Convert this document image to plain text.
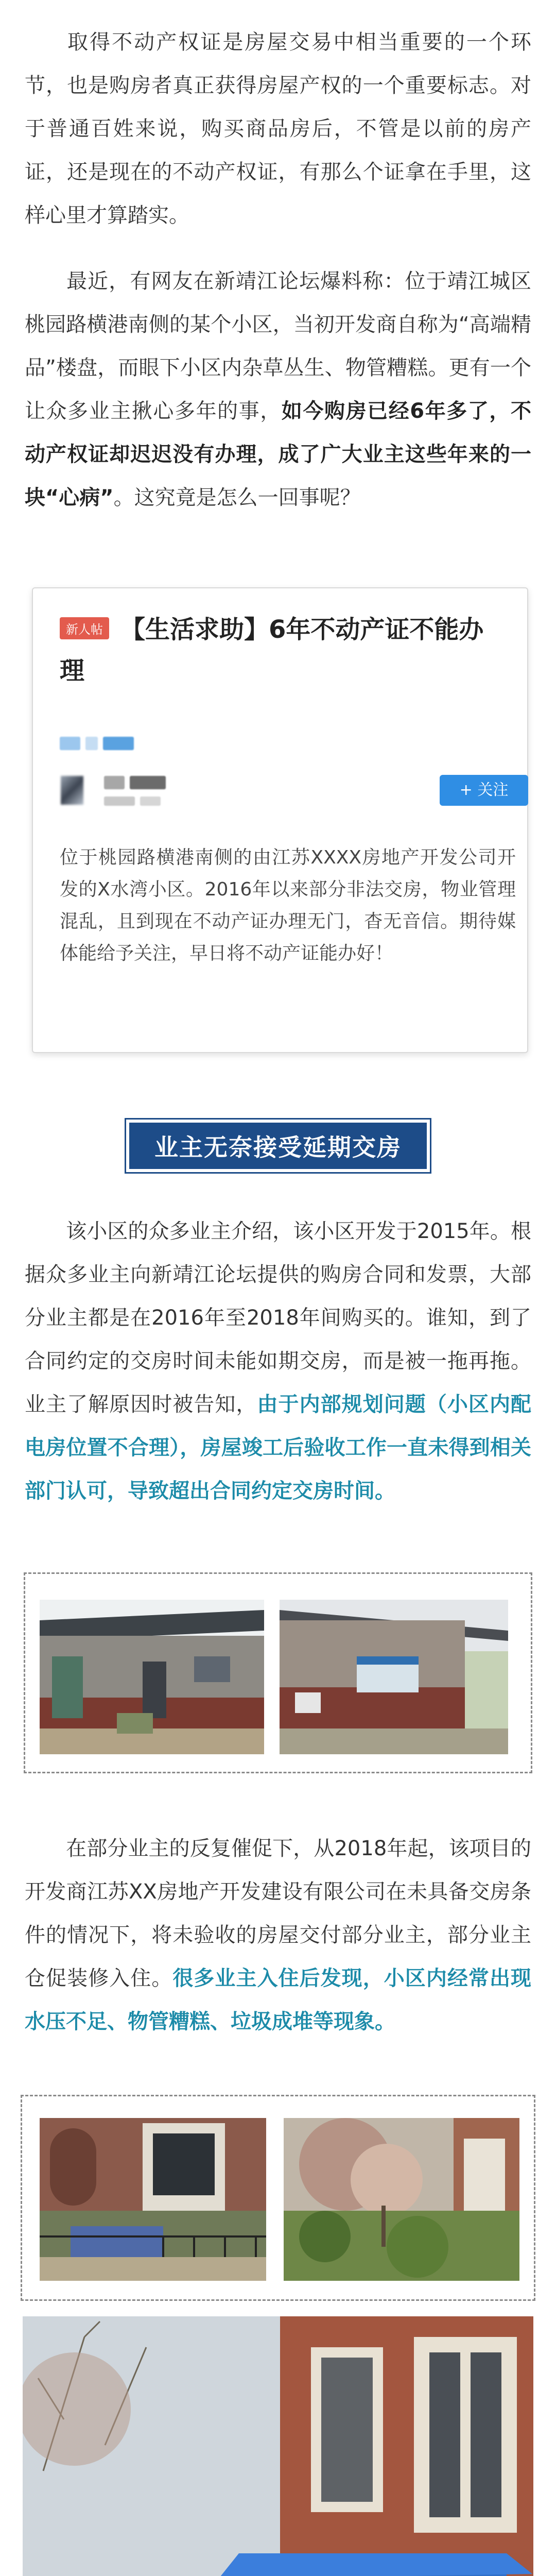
取得不动产权证是房屋交易中相当重要的一个环节，也是购房者真正获得房屋产权的一个重要标志。对于普通百姓来说，购买商品房后，不管是以前的房产证，还是现在的不动产权证，有那么个证拿在手里，这样心里才算踏实。

最近，有网友在新靖江论坛爆料称：位于靖江城区桃园路横港南侧的某个小区，当初开发商自称为“高端精品”楼盘，而眼下小区内杂草丛生、物管糟糕。更有一个让众多业主揪心多年的事，如今购房已经6年多了，不动产权证却迟迟没有办理，成了广大业主这些年来的一块“心病”。这究竟是怎么一回事呢？

新人帖 【生活求助】6年不动产证不能办理

+ 关注

位于桃园路横港南侧的由江苏XXXX房地产开发公司开发的X水湾小区。2016年以来部分非法交房，物业管理混乱，且到现在不动产证办理无门，杳无音信。期待媒体能给予关注，早日将不动产证能办好！

业主无奈接受延期交房

该小区的众多业主介绍，该小区开发于2015年。根据众多业主向新靖江论坛提供的购房合同和发票，大部分业主都是在2016年至2018年间购买的。谁知，到了合同约定的交房时间未能如期交房，而是被一拖再拖。业主了解原因时被告知，由于内部规划问题（小区内配电房位置不合理），房屋竣工后验收工作一直未得到相关部门认可，导致超出合同约定交房时间。

在部分业主的反复催促下，从2018年起，该项目的开发商江苏XX房地产开发建设有限公司在未具备交房条件的情况下，将未验收的房屋交付部分业主，部分业主仓促装修入住。很多业主入住后发现，小区内经常出现水压不足、物管糟糕、垃圾成堆等现象。
